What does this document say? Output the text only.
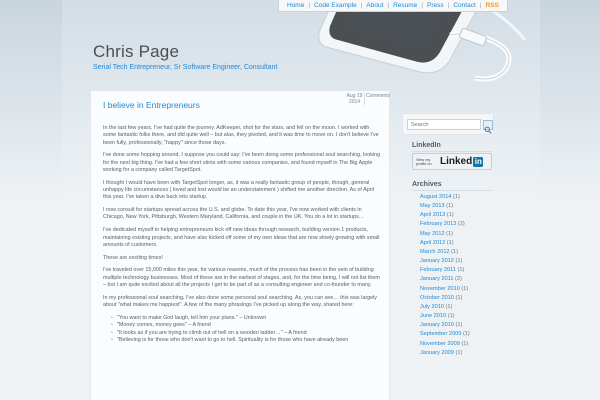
Home | Code Example | About | Resume | Press | Contact | RSS
Chris Page
Serial Tech Entrepreneur, Sr Software Engineer, Consultant
I believe in Entrepreneurs
Aug 19
2014
Comments

In the last few years, I've had quite the journey. AdKeeper, shot for the stars, and fell on the moon. I worked with some fantastic folks there, and did quite well – but alas, they pivoted, and it was time to move on. I don't believe I've been fully, professionally, "happy" since those days.

I've done some hopping around, I suppose you could say: I've been doing some professional soul searching, looking for the next big thing. I've had a few short stints with some various companies, and found myself in The Big Apple working for a company called TargetSpot.

I thought I would have been with TargetSpot longer, as, it was a really fantastic group of people, though, general unhappy life circumstances ( loved and lost would be an understatement ) shifted me another direction. As of April this year, I've taken a dive back into startup.

I now consult for startups spread across the U.S. and globe. To date this year, I've now worked with clients in Chicago, New York, Pittsburgh, Western Maryland, California, and couple in the UK. You do a lot in startups…

I've dedicated myself to helping entrepreneurs kick off new ideas through research, building version 1 products, maintaining existing projects, and have also kicked off some of my own ideas that are now slowly growing with small amounts of customers.

These are exciting times!

I've traveled over 15,000 miles this year, for various reasons, much of the process has been in the vein of building multiple technology businesses. Most of these are in the earliest of stages, and, for the time being, I will not list them – but I am quite excited about all the projects I get to be part of as a consulting engineer and co-founder to many.

In my professional soul searching, I've also done some personal soul searching. As, you can see… this was largely about "what makes me happiest". A few of the many phrasings I've picked up along the way, shared here:

• "You want to make God laugh, tell him your plans." – Unknown
• "Money comes, money goes" – A friend
• "It looks as if you are trying to climb out of hell on a wooden ladder…" – A friend
• "Believing is for those who don't want to go to hell. Spirituality is for those who have already been
Search
LinkedIn
View my profile on Linked in
Archives
August 2014 (1)
May 2013 (1)
April 2013 (1)
February 2013 (2)
May 2012 (1)
April 2012 (1)
March 2012 (1)
January 2012 (1)
February 2011 (1)
January 2011 (2)
November 2010 (1)
October 2010 (1)
July 2010 (1)
June 2010 (1)
January 2010 (1)
September 2009 (1)
November 2009 (1)
January 2009 (1)
